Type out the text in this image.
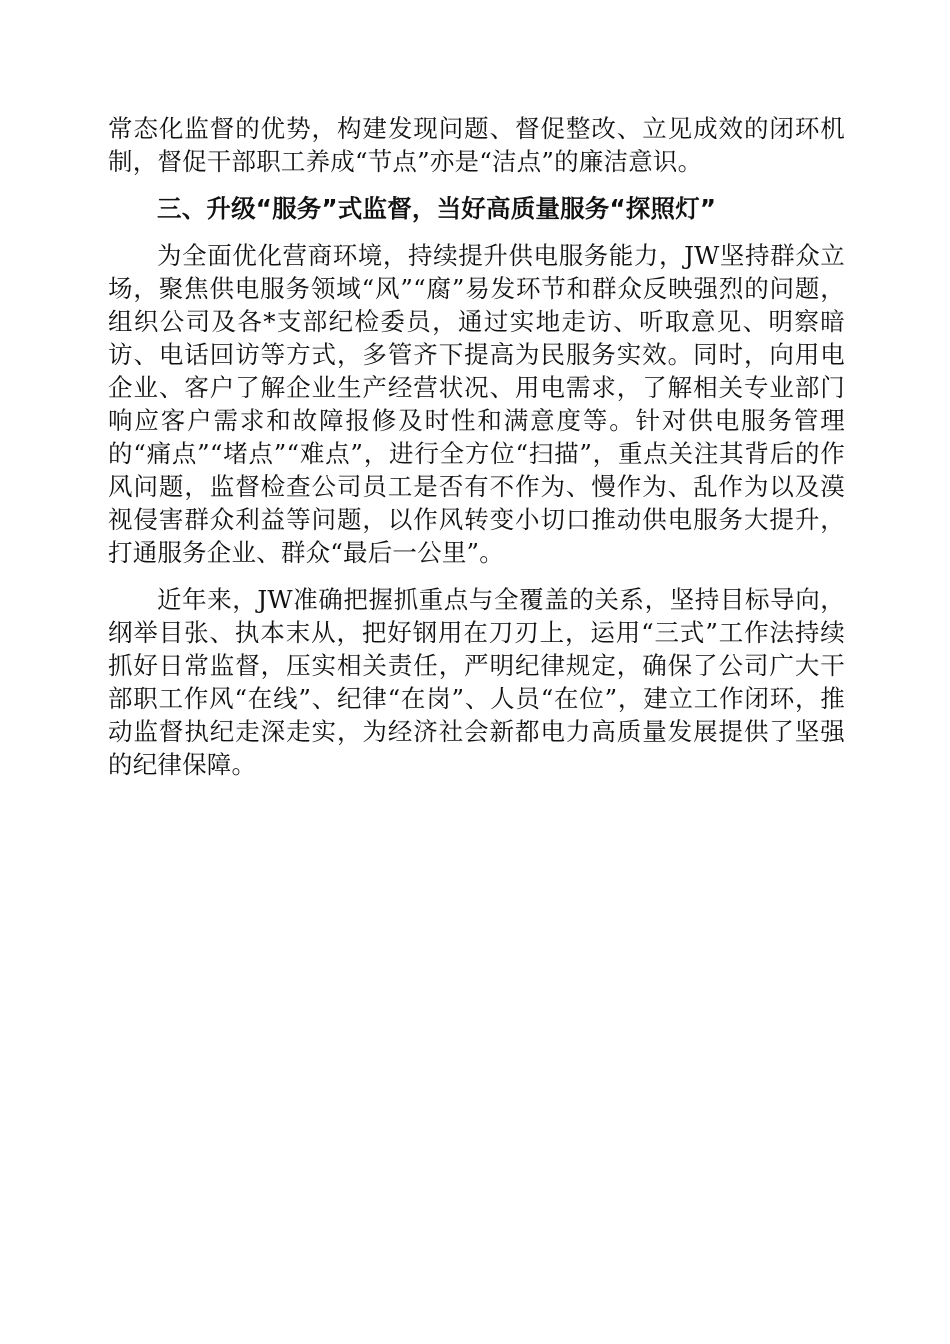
常态化监督的优势，构建发现问题、督促整改、立见成效的闭环机制，督促干部职工养成“节点”亦是“洁点”的廉洁意识。

三、升级“服务”式监督，当好高质量服务“探照灯”

为全面优化营商环境，持续提升供电服务能力，JW坚持群众立场，聚焦供电服务领域“风”“腐”易发环节和群众反映强烈的问题，组织公司及各*支部纪检委员，通过实地走访、听取意见、明察暗访、电话回访等方式，多管齐下提高为民服务实效。同时，向用电企业、客户了解企业生产经营状况、用电需求，了解相关专业部门响应客户需求和故障报修及时性和满意度等。针对供电服务管理的“痛点”“堵点”“难点”，进行全方位“扫描”，重点关注其背后的作风问题，监督检查公司员工是否有不作为、慢作为、乱作为以及漠视侵害群众利益等问题，以作风转变小切口推动供电服务大提升，打通服务企业、群众“最后一公里”。

近年来，JW准确把握抓重点与全覆盖的关系，坚持目标导向，纲举目张、执本末从，把好钢用在刀刃上，运用“三式”工作法持续抓好日常监督，压实相关责任，严明纪律规定，确保了公司广大干部职工作风“在线”、纪律“在岗”、人员“在位”，建立工作闭环，推动监督执纪走深走实，为经济社会新都电力高质量发展提供了坚强的纪律保障。
